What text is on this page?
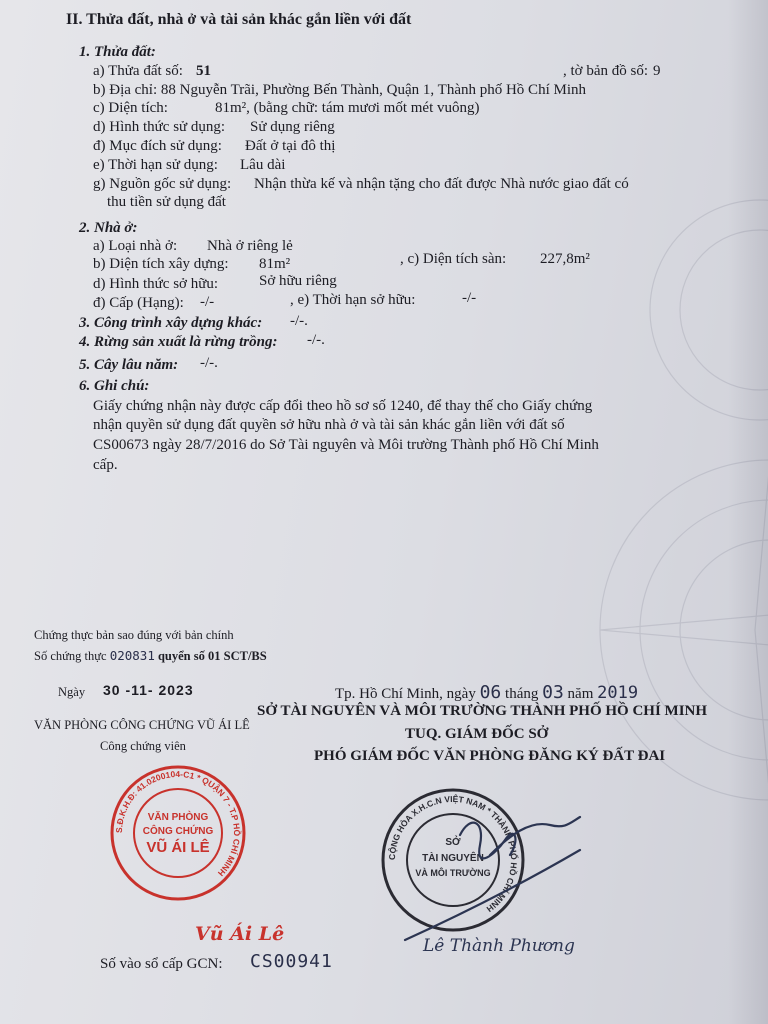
II. Thửa đất, nhà ở và tài sản khác gắn liền với đất
1. Thửa đất:
a) Thửa đất số: 51	, tờ bản đồ số: 9
b) Địa chỉ: 88 Nguyễn Trãi, Phường Bến Thành, Quận 1, Thành phố Hồ Chí Minh
c) Diện tích:	81m², (bằng chữ: tám mươi mốt mét vuông)
d) Hình thức sử dụng: Sử dụng riêng
đ) Mục đích sử dụng: Đất ở tại đô thị
e) Thời hạn sử dụng: Lâu dài
g) Nguồn gốc sử dụng: Nhận thừa kế và nhận tặng cho đất được Nhà nước giao đất có
thu tiền sử dụng đất
2. Nhà ở:
a) Loại nhà ở: Nhà ở riêng lẻ
b) Diện tích xây dựng: 81m²	, c) Diện tích sàn: 227,8m²
d) Hình thức sở hữu:	Sở hữu riêng
đ) Cấp (Hạng): -/-	, e) Thời hạn sở hữu:	-/-
3. Công trình xây dựng khác: -/-.
4. Rừng sản xuất là rừng trồng: -/-.
5. Cây lâu năm: -/-.
6. Ghi chú:
Giấy chứng nhận này được cấp đổi theo hồ sơ số 1240, để thay thế cho Giấy chứng
nhận quyền sử dụng đất quyền sở hữu nhà ở và tài sản khác gắn liền với đất số
CS00673 ngày 28/7/2016 do Sở Tài nguyên và Môi trường Thành phố Hồ Chí Minh
cấp.
Chứng thực bản sao đúng với bản chính
Số chứng thực 020831 quyển số 01 SCT/BS
Ngày 30 -11- 2023
VĂN PHÒNG CÔNG CHỨNG VŨ ÁI LÊ
Công chứng viên
S.Đ.K.H.Đ: 41.0200104-C1 * QUẬN 7 - T.P HỒ CHÍ MINH
VĂN PHÒNG
CÔNG CHỨNG
VŨ ÁI LÊ
Vũ Ái Lê
Số vào sổ cấp GCN: CS00941
Tp. Hồ Chí Minh, ngày 06 tháng 03 năm 2019
SỞ TÀI NGUYÊN VÀ MÔI TRƯỜNG THÀNH PHỐ HỒ CHÍ MINH
TUQ. GIÁM ĐỐC SỞ
PHÓ GIÁM ĐỐC VĂN PHÒNG ĐĂNG KÝ ĐẤT ĐAI
CỘNG HÒA X.H.C.N VIỆT NAM * THÀNH PHỐ HỒ CHÍ MINH
SỞ
TÀI NGUYÊN
VÀ MÔI TRƯỜNG
Lê Thành Phương
